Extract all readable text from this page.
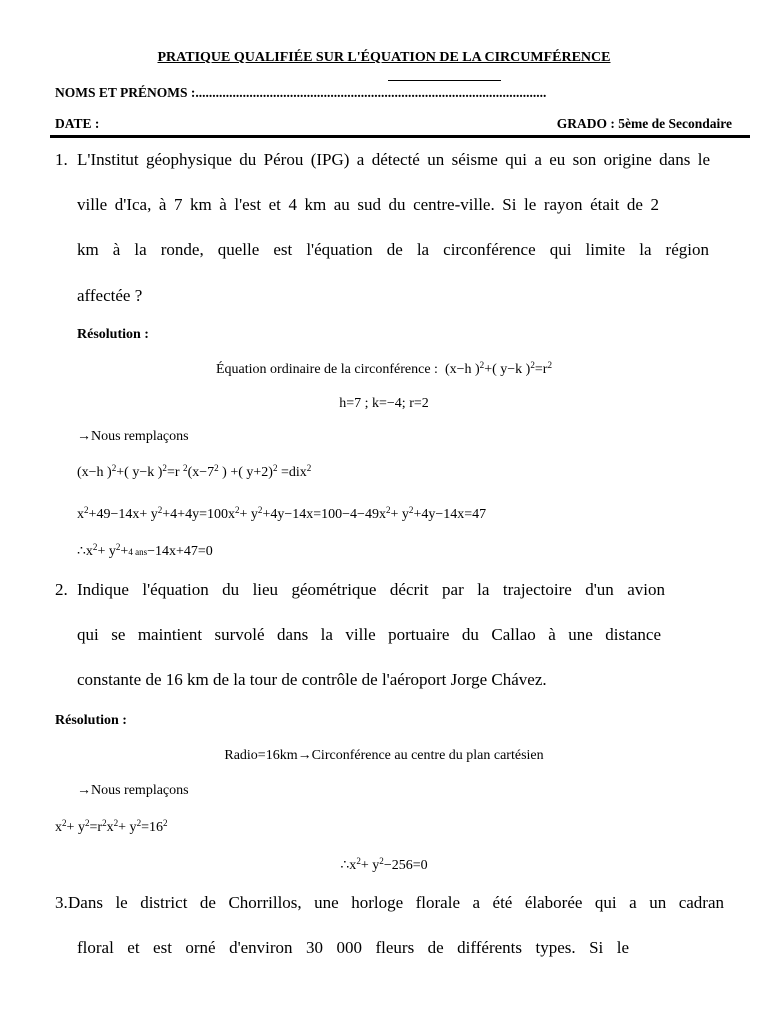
PRATIQUE QUALIFIÉE SUR L'ÉQUATION DE LA CIRCUMFÉRENCE
NOMS ET PRÉNOMS :........................................................................................................
DATE :	GRADO : 5ème de Secondaire
1. L'Institut géophysique du Pérou (IPG) a détecté un séisme qui a eu son origine dans le
ville d'Ica, à 7 km à l'est et 4 km au sud du centre-ville. Si le rayon était de 2
km à la ronde, quelle est l'équation de la circonférence qui limite la région
affectée ?
Résolution :
Équation ordinaire de la circonférence :  (x−h )$^2$+( y−k )$^2=r^2$
h=7 ; k=−4; r=2
→Nous remplaçons
(x−h )$^2$+( y−k )$^2$=r $^2(x-7^2$ ) +( y+2)$^2$ =dix$^2$
$x^2+49-14x+ y^2+4+4y=100x^2+ y^2+4y-14x=100-4-49x^2+ y^2+4y-14x=47$
$\therefore x^2+ y^2+4$ ans−14x+47=0
2. Indique l'équation du lieu géométrique décrit par la trajectoire d'un avion
qui se maintient survolé dans la ville portuaire du Callao à une distance
constante de 16 km de la tour de contrôle de l'aéroport Jorge Chávez.
Résolution :
Radio=16km→Circonférence au centre du plan cartésien
→Nous remplaçons
$x^2+ y^2=r^2x^2+ y^2=16^2$
$\therefore x^2+ y^2-256=0$
3. Dans le district de Chorrillos, une horloge florale a été élaborée qui a un cadran
floral et est orné d'environ 30 000 fleurs de différents types. Si le
